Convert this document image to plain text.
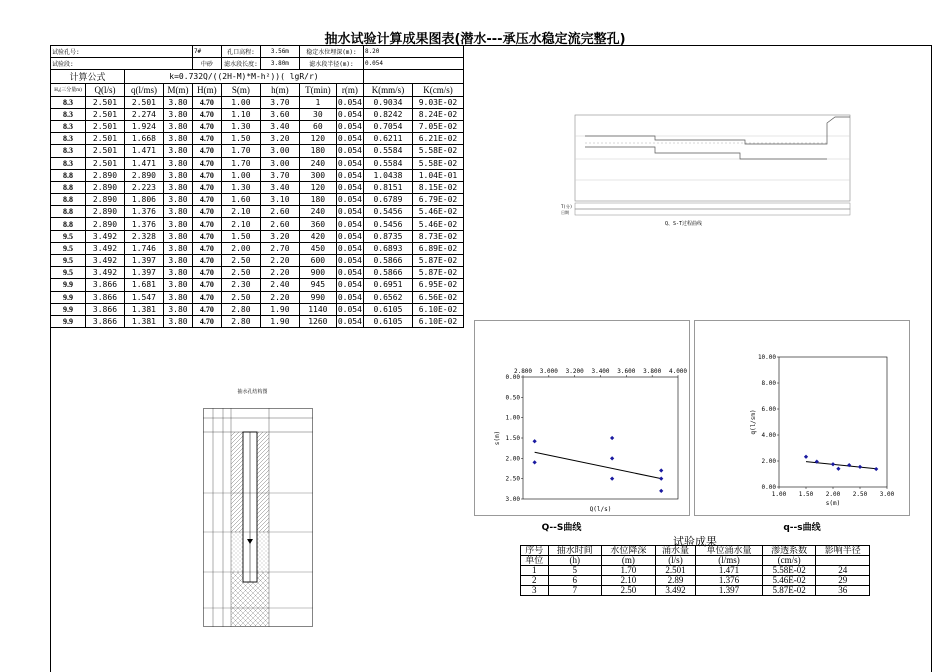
抽水试验计算成果图表(潜水---承压水稳定流完整孔)
试验孔号:				7#	孔口高程:	3.56m	稳定水位埋深(m):		8.20	
试验段:				中砂	滤水段长度:	3.80m	滤水段半径(m):		0.054	
计算公式		k=0.732Q/((2H-M)*M-h²))( lgR/r)								
H₀(三分量m)	Q(l/s)	q(l/ms)	M(m)	H(m)	S(m)	h(m)	T(min)	r(m)	K(mm/s)	K(cm/s)
8.3	2.501	2.501	3.80	4.70	1.00	3.70	1	0.054	0.9034	9.03E-02
8.3	2.501	2.274	3.80	4.70	1.10	3.60	30	0.054	0.8242	8.24E-02
8.3	2.501	1.924	3.80	4.70	1.30	3.40	60	0.054	0.7054	7.05E-02
8.3	2.501	1.668	3.80	4.70	1.50	3.20	120	0.054	0.6211	6.21E-02
8.3	2.501	1.471	3.80	4.70	1.70	3.00	180	0.054	0.5584	5.58E-02
8.3	2.501	1.471	3.80	4.70	1.70	3.00	240	0.054	0.5584	5.58E-02
8.8	2.890	2.890	3.80	4.70	1.00	3.70	300	0.054	1.0438	1.04E-01
8.8	2.890	2.223	3.80	4.70	1.30	3.40	120	0.054	0.8151	8.15E-02
8.8	2.890	1.806	3.80	4.70	1.60	3.10	180	0.054	0.6789	6.79E-02
8.8	2.890	1.376	3.80	4.70	2.10	2.60	240	0.054	0.5456	5.46E-02
8.8	2.890	1.376	3.80	4.70	2.10	2.60	360	0.054	0.5456	5.46E-02
9.5	3.492	2.328	3.80	4.70	1.50	3.20	420	0.054	0.8735	8.73E-02
9.5	3.492	1.746	3.80	4.70	2.00	2.70	450	0.054	0.6893	6.89E-02
9.5	3.492	1.397	3.80	4.70	2.50	2.20	600	0.054	0.5866	5.87E-02
9.5	3.492	1.397	3.80	4.70	2.50	2.20	900	0.054	0.5866	5.87E-02
9.9	3.866	1.681	3.80	4.70	2.30	2.40	945	0.054	0.6951	6.95E-02
9.9	3.866	1.547	3.80	4.70	2.50	2.20	990	0.054	0.6562	6.56E-02
9.9	3.866	1.381	3.80	4.70	2.80	1.90	1140	0.054	0.6105	6.10E-02
9.9	3.866	1.381	3.80	4.70	2.80	1.90	1260	0.054	0.6105	6.10E-02
T(分)
日期
Q、S-T过程曲线
0.00
0.50
1.00
1.50
2.00
2.50
3.00
2.800 3.000 3.200 3.400 3.600 3.800 4.000
Q(l/s)
s(m)
Q--S曲线
0.00
2.00
4.00
6.00
8.00
10.00
1.00 1.50 2.00 2.50 3.00
s(m)
q(l/sm)
q--s曲线
试验成果
序号	抽水时间	水位降深	涌水量	单位涌水量	渗透系数	影响半径
单位	(h)	(m)	(l/s)	(l/ms)	(cm/s)	
1	5	1.70	2.501	1.471	5.58E-02	24
2	6	2.10	2.89	1.376	5.46E-02	29
3	7	2.50	3.492	1.397	5.87E-02	36
抽水孔结构图
